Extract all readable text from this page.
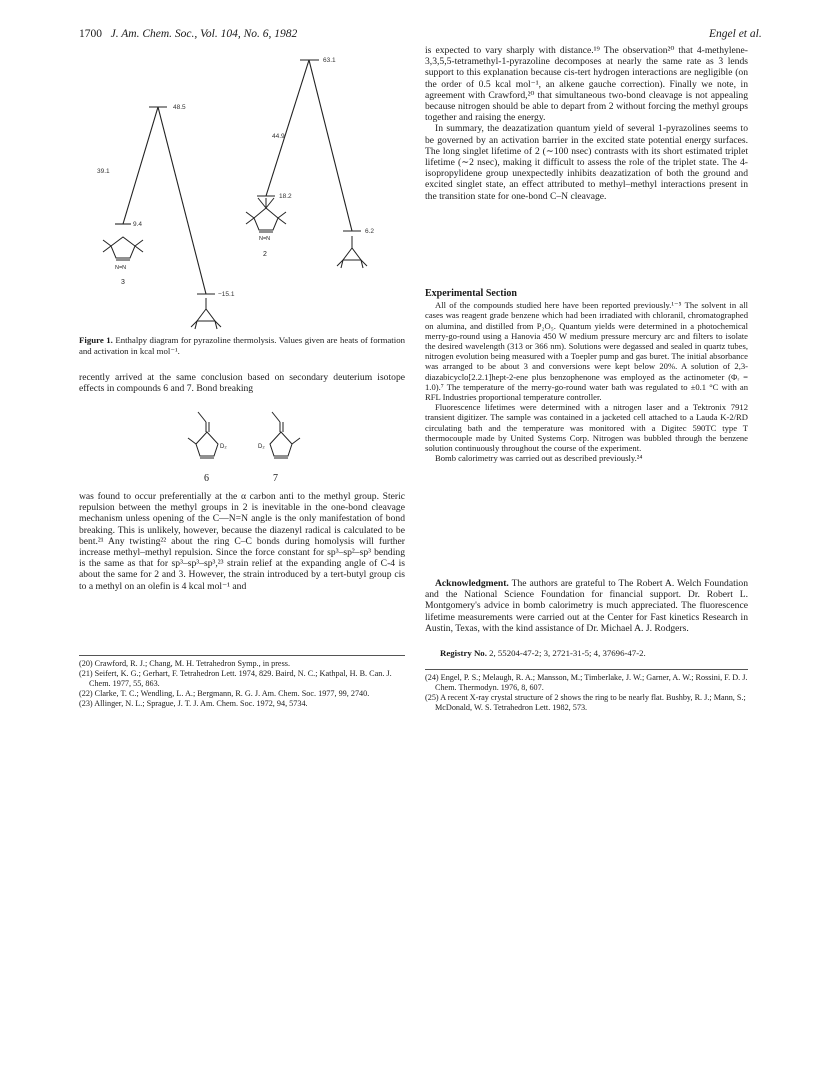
1700 J. Am. Chem. Soc., Vol. 104, No. 6, 1982	Engel et al.
63.1
48.5
44.9
39.1
18.2
9.4
6.2
−15.1
N=N
3
N=N
2
Figure 1. Enthalpy diagram for pyrazoline thermolysis. Values given are heats of formation and activation in kcal mol⁻¹.

recently arrived at the same conclusion based on secondary deuterium isotope effects in compounds 6 and 7. Bond breaking

D₂	D₂
6	7

was found to occur preferentially at the α carbon anti to the methyl group. Steric repulsion between the methyl groups in 2 is inevitable in the one-bond cleavage mechanism unless opening of the C—N=N angle is the only manifestation of bond breaking. This is unlikely, however, because the diazenyl radical is calculated to be bent.²¹ Any twisting²² about the ring C–C bonds during homolysis will further increase methyl–methyl repulsion. Since the force constant for sp³–sp²–sp³ bending is the same as that for sp³–sp³–sp³,²³ strain relief at the expanding angle of C-4 is about the same for 2 and 3. However, the strain introduced by a tert-butyl group cis to a methyl on an olefin is 4 kcal mol⁻¹ and

(20) Crawford, R. J.; Chang, M. H. Tetrahedron Symp., in press.

(21) Seifert, K. G.; Gerhart, F. Tetrahedron Lett. 1974, 829. Baird, N. C.; Kathpal, H. B. Can. J. Chem. 1977, 55, 863.

(22) Clarke, T. C.; Wendling, L. A.; Bergmann, R. G. J. Am. Chem. Soc. 1977, 99, 2740.

(23) Allinger, N. L.; Sprague, J. T. J. Am. Chem. Soc. 1972, 94, 5734.

is expected to vary sharply with distance.¹⁹ The observation²⁰ that 4-methylene-3,3,5,5-tetramethyl-1-pyrazoline decomposes at nearly the same rate as 3 lends support to this explanation because cis-tert hydrogen interactions are negligible (on the order of 0.5 kcal mol⁻¹, an alkene gauche correction). Finally we note, in agreement with Crawford,²⁰ that simultaneous two-bond cleavage is not appealing because nitrogen should be able to depart from 2 without forcing the methyl groups together and raising the energy.

In summary, the deazatization quantum yield of several 1-pyrazolines seems to be governed by an activation barrier in the excited state potential energy surfaces. The long singlet lifetime of 2 (∼100 nsec) contrasts with its short estimated triplet lifetime (∼2 nsec), making it difficult to assess the role of the triplet state. The 4-isopropylidene group unexpectedly inhibits deazatization of both the ground and excited singlet state, an effect attributed to methyl–methyl interactions present in the transition state for one-bond C–N cleavage.

Experimental Section

All of the compounds studied here have been reported previously.¹⁻⁵ The solvent in all cases was reagent grade benzene which had been irradiated with chloranil, chromatographed on alumina, and distilled from P₂O₅. Quantum yields were determined in a photochemical merry-go-round using a Hanovia 450 W medium pressure mercury arc and filters to isolate the desired wavelength (313 or 366 nm). Solutions were degassed and sealed in quartz tubes, nitrogen evolution being measured with a Toepler pump and gas buret. The initial absorbance was arranged to be about 3 and conversions were kept below 20%. A solution of 2,3-diazabicyclo[2.2.1]hept-2-ene plus benzophenone was employed as the actinometer (Φᵣ = 1.0).⁷ The temperature of the merry-go-round water bath was regulated to ±0.1 °C with an RFL Industries proportional temperature controller.

Fluorescence lifetimes were determined with a nitrogen laser and a Tektronix 7912 transient digitizer. The sample was contained in a jacketed cell attached to a Lauda K-2/RD circulating bath and the temperature was monitored with a Digitec 590TC type T thermocouple made by United Systems Corp. Nitrogen was bubbled through the benzene solution continuously throughout the course of the experiment.

Bomb calorimetry was carried out as described previously.²⁴

Acknowledgment. The authors are grateful to The Robert A. Welch Foundation and the National Science Foundation for financial support. Dr. Robert L. Montgomery's advice in bomb calorimetry is much appreciated. The fluorescence lifetime measurements were carried out at the Center for Fast kinetics Research in Austin, Texas, with the kind assistance of Dr. Michael A. J. Rodgers.

Registry No. 2, 55204-47-2; 3, 2721-31-5; 4, 37696-47-2.

(24) Engel, P. S.; Melaugh, R. A.; Mansson, M.; Timberlake, J. W.; Garner, A. W.; Rossini, F. D. J. Chem. Thermodyn. 1976, 8, 607.

(25) A recent X-ray crystal structure of 2 shows the ring to be nearly flat. Bushby, R. J.; Mann, S.; McDonald, W. S. Tetrahedron Lett. 1982, 573.
